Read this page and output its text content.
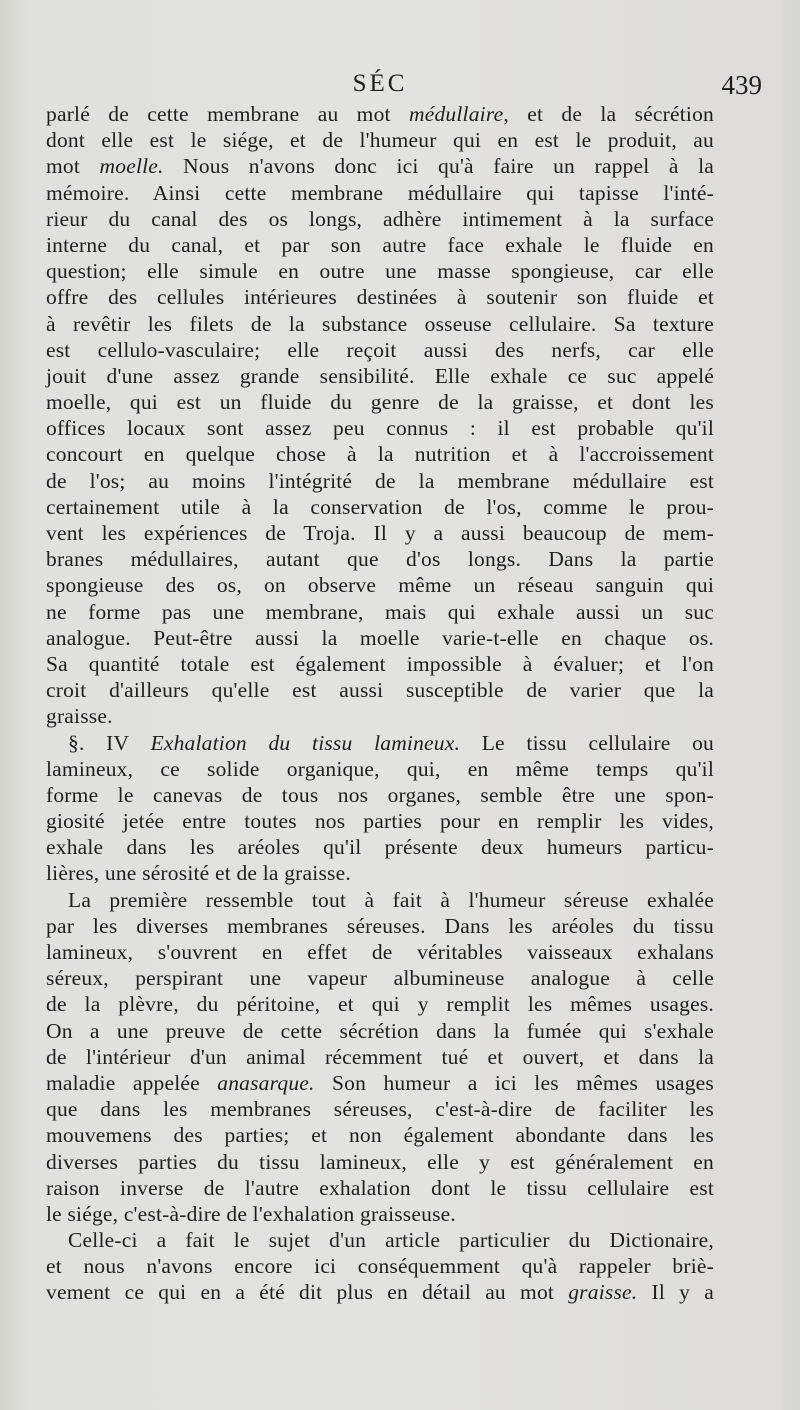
SÉC	439
parlé de cette membrane au mot médullaire, et de la sécrétion
dont elle est le siége, et de l'humeur qui en est le produit, au
mot moelle. Nous n'avons donc ici qu'à faire un rappel à la
mémoire. Ainsi cette membrane médullaire qui tapisse l'inté-
rieur du canal des os longs, adhère intimement à la surface
interne du canal, et par son autre face exhale le fluide en
question; elle simule en outre une masse spongieuse, car elle
offre des cellules intérieures destinées à soutenir son fluide et
à revêtir les filets de la substance osseuse cellulaire. Sa texture
est cellulo-vasculaire; elle reçoit aussi des nerfs, car elle
jouit d'une assez grande sensibilité. Elle exhale ce suc appelé
moelle, qui est un fluide du genre de la graisse, et dont les
offices locaux sont assez peu connus : il est probable qu'il
concourt en quelque chose à la nutrition et à l'accroissement
de l'os; au moins l'intégrité de la membrane médullaire est
certainement utile à la conservation de l'os, comme le prou-
vent les expériences de Troja. Il y a aussi beaucoup de mem-
branes médullaires, autant que d'os longs. Dans la partie
spongieuse des os, on observe même un réseau sanguin qui
ne forme pas une membrane, mais qui exhale aussi un suc
analogue. Peut-être aussi la moelle varie-t-elle en chaque os.
Sa quantité totale est également impossible à évaluer; et l'on
croit d'ailleurs qu'elle est aussi susceptible de varier que la
graisse.
§. IV Exhalation du tissu lamineux. Le tissu cellulaire ou
lamineux, ce solide organique, qui, en même temps qu'il
forme le canevas de tous nos organes, semble être une spon-
giosité jetée entre toutes nos parties pour en remplir les vides,
exhale dans les aréoles qu'il présente deux humeurs particu-
lières, une sérosité et de la graisse.
La première ressemble tout à fait à l'humeur séreuse exhalée
par les diverses membranes séreuses. Dans les aréoles du tissu
lamineux, s'ouvrent en effet de véritables vaisseaux exhalans
séreux, perspirant une vapeur albumineuse analogue à celle
de la plèvre, du péritoine, et qui y remplit les mêmes usages.
On a une preuve de cette sécrétion dans la fumée qui s'exhale
de l'intérieur d'un animal récemment tué et ouvert, et dans la
maladie appelée anasarque. Son humeur a ici les mêmes usages
que dans les membranes séreuses, c'est-à-dire de faciliter les
mouvemens des parties; et non également abondante dans les
diverses parties du tissu lamineux, elle y est généralement en
raison inverse de l'autre exhalation dont le tissu cellulaire est
le siége, c'est-à-dire de l'exhalation graisseuse.
Celle-ci a fait le sujet d'un article particulier du Dictionaire,
et nous n'avons encore ici conséquemment qu'à rappeler briè-
vement ce qui en a été dit plus en détail au mot graisse. Il y a
